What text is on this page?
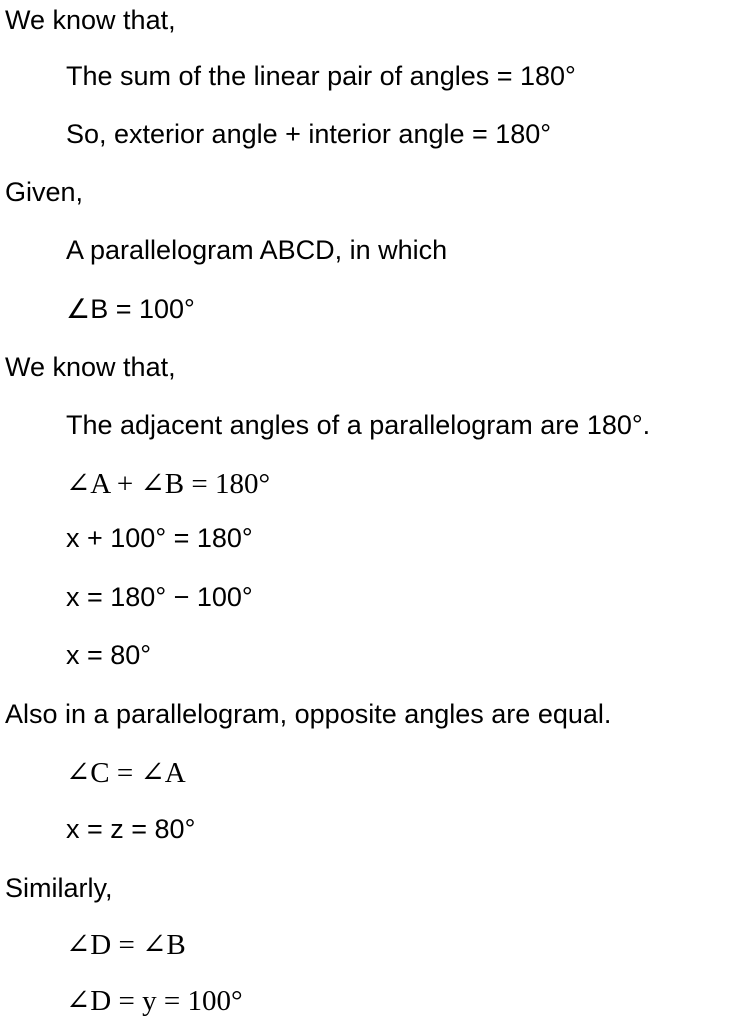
We know that,
The sum of the linear pair of angles = 180°
So, exterior angle + interior angle = 180°
Given,
A parallelogram ABCD, in which
∠B = 100°
We know that,
The adjacent angles of a parallelogram are 180°.
∠A + ∠B = 180°
x + 100° = 180°
x = 180° − 100°
x = 80°
Also in a parallelogram, opposite angles are equal.
∠C = ∠A
x = z = 80°
Similarly,
∠D = ∠B
∠D = y = 100°
